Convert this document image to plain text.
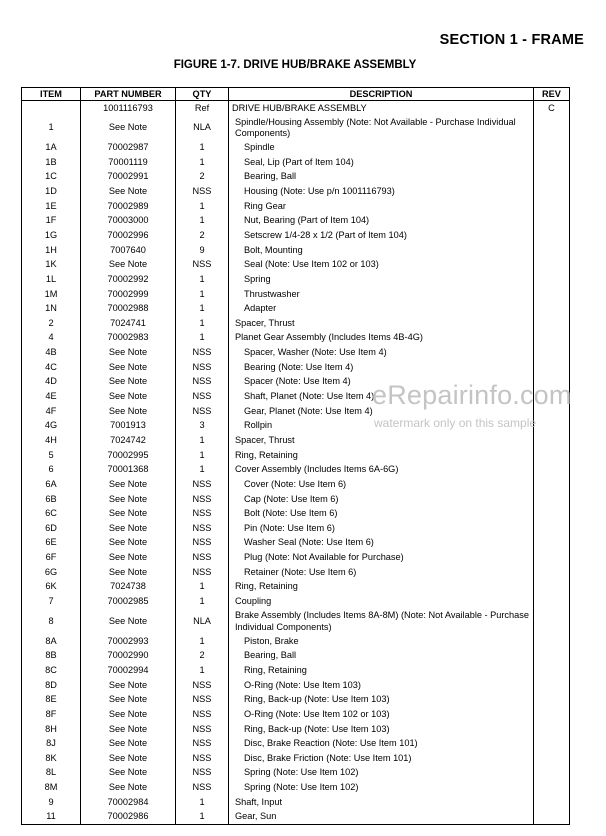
SECTION 1 - FRAME
FIGURE 1-7. DRIVE HUB/BRAKE ASSEMBLY
ITEM	PART NUMBER	QTY	DESCRIPTION	REV
	1001116793	Ref	DRIVE HUB/BRAKE ASSEMBLY	C
1	See Note	NLA	Spindle/Housing Assembly (Note: Not Available - Purchase Individual Components)	
1A	70002987	1	Spindle	
1B	70001119	1	Seal, Lip (Part of Item 104)	
1C	70002991	2	Bearing, Ball	
1D	See Note	NSS	Housing (Note: Use p/n 1001116793)	
1E	70002989	1	Ring Gear	
1F	70003000	1	Nut, Bearing (Part of Item 104)	
1G	70002996	2	Setscrew 1/4-28 x 1/2 (Part of Item 104)	
1H	7007640	9	Bolt, Mounting	
1K	See Note	NSS	Seal (Note: Use Item 102 or 103)	
1L	70002992	1	Spring	
1M	70002999	1	Thrustwasher	
1N	70002988	1	Adapter	
2	7024741	1	Spacer, Thrust	
4	70002983	1	Planet Gear Assembly (Includes Items 4B-4G)	
4B	See Note	NSS	Spacer, Washer (Note: Use Item 4)	
4C	See Note	NSS	Bearing (Note: Use Item 4)	
4D	See Note	NSS	Spacer (Note: Use Item 4)	
4E	See Note	NSS	Shaft, Planet (Note: Use Item 4)	
4F	See Note	NSS	Gear, Planet (Note: Use Item 4)	
4G	7001913	3	Rollpin	
4H	7024742	1	Spacer, Thrust	
5	70002995	1	Ring, Retaining	
6	70001368	1	Cover Assembly (Includes Items 6A-6G)	
6A	See Note	NSS	Cover (Note: Use Item 6)	
6B	See Note	NSS	Cap (Note: Use Item 6)	
6C	See Note	NSS	Bolt (Note: Use Item 6)	
6D	See Note	NSS	Pin (Note: Use Item 6)	
6E	See Note	NSS	Washer Seal (Note: Use Item 6)	
6F	See Note	NSS	Plug (Note: Not Available for Purchase)	
6G	See Note	NSS	Retainer (Note: Use Item 6)	
6K	7024738	1	Ring, Retaining	
7	70002985	1	Coupling	
8	See Note	NLA	Brake Assembly (Includes Items 8A-8M) (Note: Not Available - Purchase Individual Components)	
8A	70002993	1	Piston, Brake	
8B	70002990	2	Bearing, Ball	
8C	70002994	1	Ring, Retaining	
8D	See Note	NSS	O-Ring (Note: Use Item 103)	
8E	See Note	NSS	Ring, Back-up (Note: Use Item 103)	
8F	See Note	NSS	O-Ring (Note: Use Item 102 or 103)	
8H	See Note	NSS	Ring, Back-up (Note: Use Item 103)	
8J	See Note	NSS	Disc, Brake Reaction (Note: Use Item 101)	
8K	See Note	NSS	Disc, Brake Friction (Note: Use Item 101)	
8L	See Note	NSS	Spring (Note: Use Item 102)	
8M	See Note	NSS	Spring (Note: Use Item 102)	
9	70002984	1	Shaft, Input	
11	70002986	1	Gear, Sun	
eRepairinfo.com
watermark only on this sample
